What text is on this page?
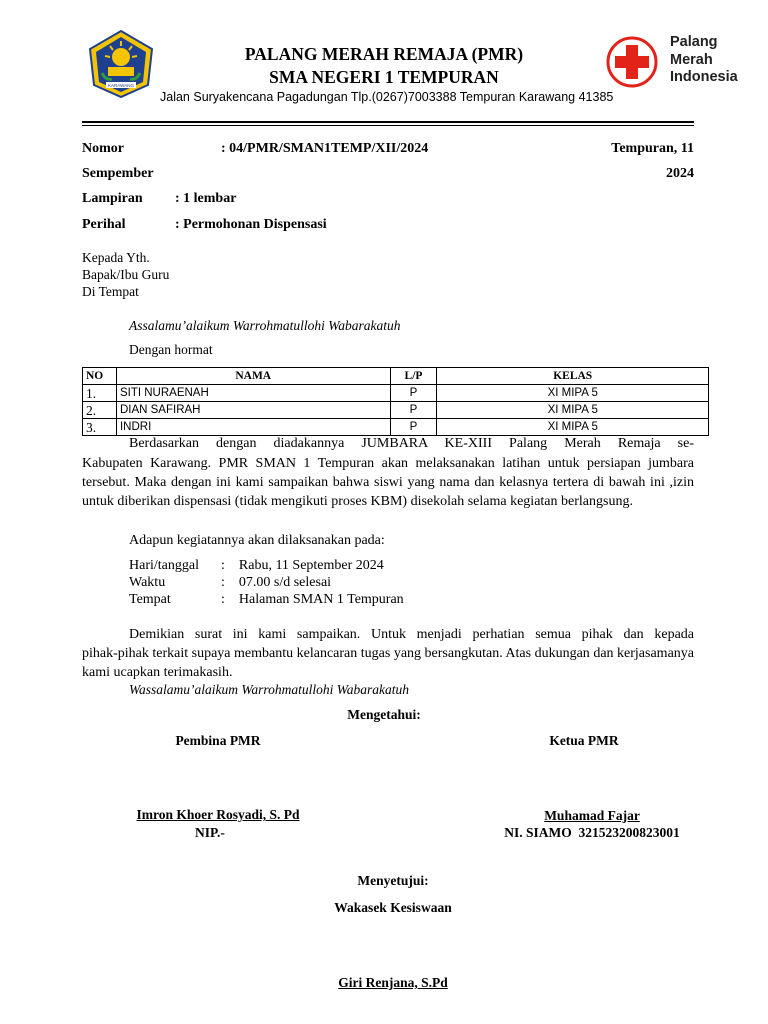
KARAWANG
Palang
Merah
Indonesia
PALANG MERAH REMAJA (PMR)
SMA NEGERI 1 TEMPURAN
Jalan Suryakencana Pagadungan Tlp.(0267)7003388 Tempuran Karawang 41385
Nomor	: 04/PMR/SMAN1TEMP/XII/2024	Tempuran, 11
Sempember	2024
Lampiran : 1 lembar
Perihal	: Permohonan Dispensasi
Kepada Yth.
Bapak/Ibu Guru
Di Tempat
Assalamu’alaikum Warrohmatullohi Wabarakatuh
Dengan hormat
NO	NAMA	L/P	KELAS
1.	SITI NURAENAH	P	XI MIPA 5
2.	DIAN SAFIRAH	P	XI MIPA 5
3.	INDRI	P	XI MIPA 5
Berdasarkan dengan diadakannya JUMBARA KE-XIII Palang Merah Remaja se-
Kabupaten Karawang. PMR SMAN 1 Tempuran akan melaksanakan latihan untuk persiapan jumbara tersebut. Maka dengan ini kami sampaikan bahwa siswi yang nama dan kelasnya tertera di bawah ini ,izin untuk diberikan dispensasi (tidak mengikuti proses KBM) disekolah selama kegiatan berlangsung.
Adapun kegiatannya akan dilaksanakan pada:
Hari/tanggal	:    Rabu, 11 September 2024
Waktu	:    07.00 s/d selesai
Tempat	:    Halaman SMAN 1 Tempuran
Demikian surat ini kami sampaikan. Untuk menjadi perhatian semua pihak dan kepada
pihak-pihak terkait supaya membantu kelancaran tugas yang bersangkutan. Atas dukungan dan kerjasamanya kami ucapkan terimakasih.
Wassalamu’alaikum Warrohmatullohi Wabarakatuh
Mengetahui:
Pembina PMR	Ketua PMR
Imron Khoer Rosyadi, S. Pd
NIP.-
Muhamad Fajar
NI. SIAMO  321523200823001
Menyetujui:
Wakasek Kesiswaan
Giri Renjana, S.Pd
